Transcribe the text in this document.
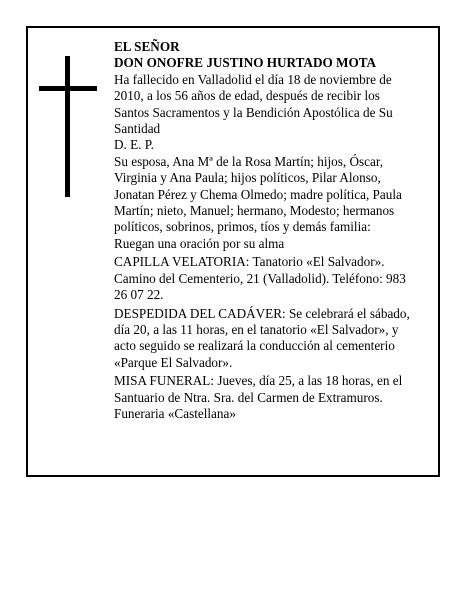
EL SEÑOR

DON ONOFRE JUSTINO HURTADO MOTA

Ha fallecido en Valladolid el día 18 de noviembre de 2010, a los 56 años de edad, después de recibir los Santos Sacramentos y la Bendición Apostólica de Su Santidad

D. E. P.

Su esposa, Ana Mª de la Rosa Martín; hijos, Óscar, Virginia y Ana Paula; hijos políticos, Pilar Alonso, Jonatan Pérez y Chema Olmedo; madre política, Paula Martín; nieto, Manuel; hermano, Modesto; hermanos políticos, sobrinos, primos, tíos y demás familia:

Ruegan una oración por su alma

CAPILLA VELATORIA: Tanatorio «El Salvador». Camino del Cementerio, 21 (Valladolid). Teléfono: 983 26 07 22.

DESPEDIDA DEL CADÁVER: Se celebrará el sábado, día 20, a las 11 horas, en el tanatorio «El Salvador», y acto seguido se realizará la conducción al cementerio «Parque El Salvador».

MISA FUNERAL: Jueves, día 25, a las 18 horas, en el Santuario de Ntra. Sra. del Carmen de Extramuros.

Funeraria «Castellana»
